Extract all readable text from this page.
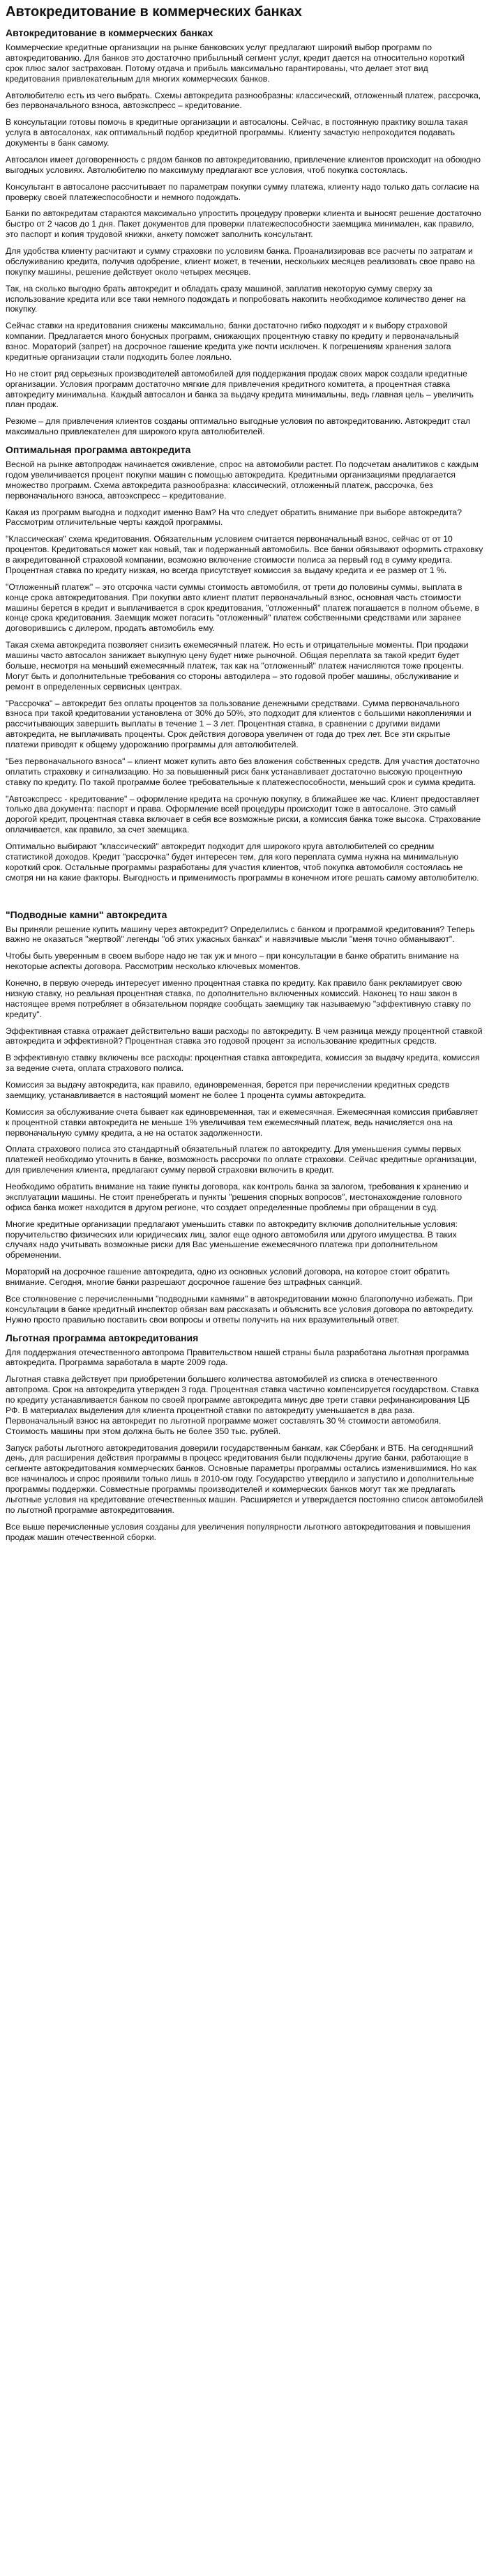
Автокредитование в коммерческих банках
Автокредитование в коммерческих банках

Коммерческие кредитные организации на рынке банковских услуг предлагают широкий выбор программ по автокредитованию. Для банков это достаточно прибыльный сегмент услуг, кредит дается на относительно короткий срок плюс залог застрахован. Потому отдача и прибыль максимально гарантированы, что делает этот вид кредитования привлекательным для многих коммерческих банков.

Автолюбителю есть из чего выбрать. Схемы автокредита разнообразны: классический, отложенный платеж, рассрочка, без первоначального взноса, автоэкспресс – кредитование.

В консультации готовы помочь в кредитные организации и автосалоны. Сейчас, в постоянную практику вошла такая услуга в автосалонах, как оптимальный подбор кредитной программы. Клиенту зачастую непроходится подавать документы в банк самому.

Автосалон имеет договоренность с рядом банков по автокредитованию, привлечение клиентов происходит на обоюдно выгодных условиях. Автолюбителю по максимуму предлагают все условия, чтоб покупка состоялась.

Консультант в автосалоне рассчитывает по параметрам покупки сумму платежа, клиенту надо только дать согласие на проверку своей платежеспособности и немного подождать.

Банки по автокредитам стараются максимально упростить процедуру проверки клиента и выносят решение достаточно быстро от 2 часов до 1 дня. Пакет документов для проверки платежеспособности заемщика минимален, как правило, это паспорт и копия трудовой книжки, анкету поможет заполнить консультант.

Для удобства клиенту расчитают и сумму страховки по условиям банка. Проанализировав все расчеты по затратам и обслуживанию кредита, получив одобрение, клиент может, в течении, нескольких месяцев реализовать свое право на покупку машины, решение действует около четырех месяцев.

Так, на сколько выгодно брать автокредит и обладать сразу машиной, заплатив некоторую сумму сверху за использование кредита или все таки немного подождать и попробовать накопить необходимое количество денег на покупку.

Сейчас ставки на кредитования снижены максимально, банки достаточно гибко подходят и к выбору страховой компании. Предлагается много бонусных программ, снижающих процентную ставку по кредиту и первоначальный взнос. Мораторий (запрет) на досрочное гашение кредита уже почти исключен. К погрешениям хранения залога кредитные организации стали подходить более лояльно.

Но не стоит ряд серьезных производителей автомобилей для поддержания продаж своих марок создали кредитные организации. Условия программ достаточно мягкие для привлечения кредитного комитета, а процентная ставка автокредиту минимальна. Каждый автосалон и банка за выдачу кредита минимальны, ведь главная цель – увеличить план продаж.

Резюме – для привлечения клиентов созданы оптимально выгодные условия по автокредитованию. Автокредит стал максимально привлекателен для широкого круга автолюбителей.

Оптимальная программа автокредита

Весной на рынке автопродаж начинается оживление, спрос на автомобили растет. По подсчетам аналитиков с каждым годом увеличивается процент покупки машин с помощью автокредита. Кредитными организациями предлагается множество программ. Схема автокредита разнообразна: классический, отложенный платеж, рассрочка, без первоначального взноса, автоэкспресс – кредитование.

Какая из программ выгодна и подходит именно Вам? На что следует обратить внимание при выборе автокредита? Рассмотрим отличительные черты каждой программы.

"Классическая" схема кредитования. Обязательным условием считается первоначальный взнос, сейчас от от 10 процентов. Кредитоваться может как новый, так и подержанный автомобиль. Все банки обязывают оформить страховку в аккредитованной страховой компании, возможно включение стоимости полиса за первый год в сумму кредита. Процентная ставка по кредиту низкая, но всегда присутствует комиссия за выдачу кредита и ее размер от 1 %.

"Отложенный платеж" – это отсрочка части суммы стоимость автомобиля, от трети до половины суммы, выплата в конце срока автокредитования. При покупки авто клиент платит первоначальный взнос, основная часть стоимости машины берется в кредит и выплачивается в срок кредитования, "отложенный" платеж погашается в полном объеме, в конце срока кредитования. Заемщик может погасить "отложенный" платеж собственными средствами или заранее договорившись с дилером, продать автомобиль ему.

Такая схема автокредита позволяет снизить ежемесячный платеж. Но есть и отрицательные моменты. При продажи машины часто автосалон занижает выкупную цену будет ниже рыночной. Общая переплата за такой кредит будет больше, несмотря на меньший ежемесячный платеж, так как на "отложенный" платеж начисляются тоже проценты. Могут быть и дополнительные требования со стороны автодилера – это годовой пробег машины, обслуживание и ремонт в определенных сервисных центрах.

"Рассрочка" – автокредит без оплаты процентов за пользование денежными средствами. Сумма первоначального взноса при такой кредитовании установлена от 30% до 50%, это подходит для клиентов с большими накоплениями и рассчитывающих завершить выплаты в течение 1 – 3 лет. Процентная ставка, в сравнении с другими видами автокредита, не выплачивать проценты. Срок действия договора увеличен от года до трех лет. Все эти скрытые платежи приводят к общему удорожанию программы для автолюбителей.

"Без первоначального взноса" – клиент может купить авто без вложения собственных средств. Для участия достаточно оплатить страховку и сигнализацию. Но за повышенный риск банк устанавливает достаточно высокую процентную ставку по кредиту. По такой программе более требовательные к платежеспособности, меньший срок и сумма кредита.

"Автоэкспресс - кредитование" – оформление кредита на срочную покупку, в ближайшее же час. Клиент предоставляет только два документа: паспорт и права. Оформление всей процедуры происходит тоже в автосалоне. Это самый дорогой кредит, процентная ставка включает в себя все возможные риски, а комиссия банка тоже высока. Страхование оплачивается, как правило, за счет заемщика.

Оптимально выбирают "классический" автокредит подходит для широкого круга автолюбителей со средним статистикой доходов. Кредит "рассрочка" будет интересен тем, для кого переплата сумма нужна на минимальную короткий срок. Остальные программы разработаны для участия клиентов, чтоб покупка автомобиля состоялась не смотря ни на какие факторы. Выгодность и применимость программы в конечном итоге решать самому автолюбителю.

"Подводные камни" автокредита

Вы приняли решение купить машину через автокредит? Определились с банком и программой кредитования? Теперь важно не оказаться "жертвой" легенды "об этих ужасных банках" и навязчивые мысли "меня точно обманывают".

Чтобы быть уверенным в своем выборе надо не так уж и много – при консультации в банке обратить внимание на некоторые аспекты договора. Рассмотрим несколько ключевых моментов.

Конечно, в первую очередь интересует именно процентная ставка по кредиту. Как правило банк рекламирует свою низкую ставку, но реальная процентная ставка, по дополнительно включенных комиссий. Наконец то наш закон в настоящее время потребляет в обязательном порядке сообщать заемщику так называемую "эффективную ставку по кредиту".

Эффективная ставка отражает действительно ваши расходы по автокредиту. В чем разница между процентной ставкой автокредита и эффективной? Процентная ставка это годовой процент за использование кредитных средств.

В эффективную ставку включены все расходы: процентная ставка автокредита, комиссия за выдачу кредита, комиссия за ведение счета, оплата страхового полиса.

Комиссия за выдачу автокредита, как правило, единовременная, берется при перечислении кредитных средств заемщику, устанавливается в настоящий момент не более 1 процента суммы автокредита.

Комиссия за обслуживание счета бывает как единовременная, так и ежемесячная. Ежемесячная комиссия прибавляет к процентной ставки автокредита не меньше 1% увеличивая тем ежемесячный платеж, ведь начисляется она на первоначальную сумму кредита, а не на остаток задолженности.

Оплата страхового полиса это стандартный обязательный платеж по автокредиту. Для уменьшения суммы первых платежей необходимо уточнить в банке, возможность рассрочки по оплате страховки. Сейчас кредитные организации, для привлечения клиента, предлагают сумму первой страховки включить в кредит.

Необходимо обратить внимание на такие пункты договора, как контроль банка за залогом, требования к хранению и эксплуатации машины. Не стоит пренебрегать и пункты "решения спорных вопросов", местонахождение головного офиса банка может находится в другом регионе, что создает определенные проблемы при обращении в суд.

Многие кредитные организации предлагают уменьшить ставки по автокредиту включив дополнительные условия: поручительство физических или юридических лиц, залог еще одного автомобиля или другого имущества. В таких случаях надо учитывать возможные риски для Вас уменьшение ежемесячного платежа при дополнительном обременении.

Мораторий на досрочное гашение автокредита, одно из основных условий договора, на которое стоит обратить внимание. Сегодня, многие банки разрешают досрочное гашение без штрафных санкций.

Все столкновение с перечисленными "подводными камнями" в автокредитовании можно благополучно избежать. При консультации в банке кредитный инспектор обязан вам рассказать и объяснить все условия договора по автокредиту. Нужно просто правильно поставить свои вопросы и ответы получить на них вразумительный ответ.

Льготная программа автокредитования

Для поддержания отечественного автопрома Правительством нашей страны была разработана льготная программа автокредита. Программа заработала в марте 2009 года.

Льготная ставка действует при приобретении большего количества автомобилей из списка в отечественного автопрома. Срок на автокредита утвержден 3 года. Процентная ставка частично компенсируется государством. Ставка по кредиту устанавливается банком по своей программе автокредита минус две трети ставки рефинансирования ЦБ РФ. В материалах выделения для клиента процентной ставки по автокредиту уменьшается в два раза. Первоначальный взнос на автокредит по льготной программе может составлять 30 % стоимости автомобиля. Стоимость машины при этом должна быть не более 350 тыс. рублей.

Запуск работы льготного автокредитования доверили государственным банкам, как Сбербанк и ВТБ. На сегодняшний день, для расширения действия программы в процесс кредитования были подключены другие банки, работающие в сегменте автокредитования коммерческих банков. Основные параметры программы остались изменившимися. Но как все начиналось и спрос проявили только лишь в 2010-ом году. Государство утвердило и запустило и дополнительные программы поддержки. Совместные программы производителей и коммерческих банков могут так же предлагать льготные условия на кредитование отечественных машин. Расширяется и утверждается постоянно список автомобилей по льготной программе автокредитования.

Все выше перечисленные условия созданы для увеличения популярности льготного автокредитования и повышения продаж машин отечественной сборки.
